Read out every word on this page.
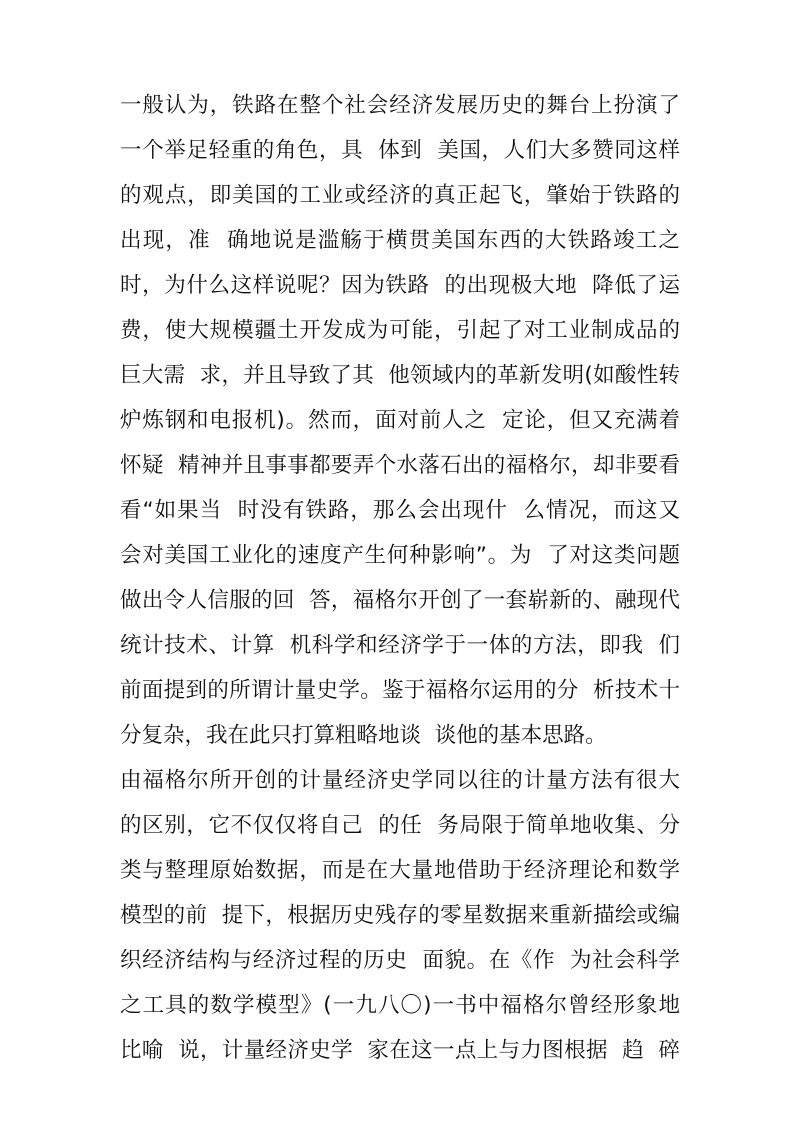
一般认为，铁路在整个社会经济发展历史的舞台上扮演了
一个举足轻重的角色，具  体到  美国，人们大多赞同这样
的观点，即美国的工业或经济的真正起飞，肇始于铁路的
出现，准  确地说是滥觞于横贯美国东西的大铁路竣工之
时，为什么这样说呢？因为铁路  的出现极大地  降低了运
费，使大规模疆土开发成为可能，引起了对工业制成品的
巨大需  求，并且导致了其  他领域内的革新发明(如酸性转
炉炼钢和电报机)。然而，面对前人之  定论，但又充满着
怀疑  精神并且事事都要弄个水落石出的福格尔，却非要看
看“如果当  时没有铁路，那么会出现什  么情况，而这又
会对美国工业化的速度产生何种影响”。为  了对这类问题
做出令人信服的回  答，福格尔开创了一套崭新的、融现代
统计技术、计算  机科学和经济学于一体的方法，即我  们
前面提到的所谓计量史学。鉴于福格尔运用的分  析技术十
分复杂，我在此只打算粗略地谈  谈他的基本思路。
由福格尔所开创的计量经济史学同以往的计量方法有很大
的区别，它不仅仅将自己  的任  务局限于简单地收集、分
类与整理原始数据，而是在大量地借助于经济理论和数学
模型的前  提下，根据历史残存的零星数据来重新描绘或编
织经济结构与经济过程的历史  面貌。在《作  为社会科学
之工具的数学模型》(一九八〇)一书中福格尔曾经形象地
比喻  说，计量经济史学  家在这一点上与力图根据  趋  碎
